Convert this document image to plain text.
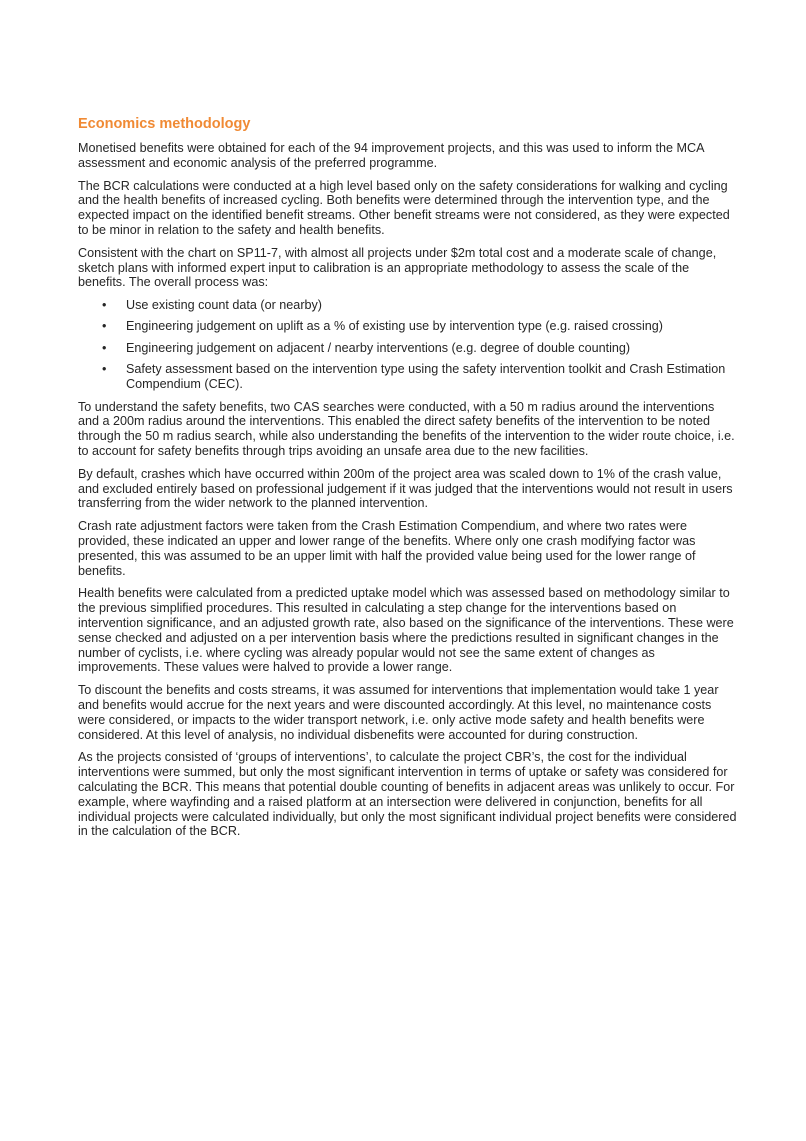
Economics methodology

Monetised benefits were obtained for each of the 94 improvement projects, and this was used to inform the MCA assessment and economic analysis of the preferred programme.

The BCR calculations were conducted at a high level based only on the safety considerations for walking and cycling and the health benefits of increased cycling. Both benefits were determined through the intervention type, and the expected impact on the identified benefit streams. Other benefit streams were not considered, as they were expected to be minor in relation to the safety and health benefits.

Consistent with the chart on SP11-7, with almost all projects under $2m total cost and a moderate scale of change, sketch plans with informed expert input to calibration is an appropriate methodology to assess the scale of the benefits. The overall process was:

• Use existing count data (or nearby)
• Engineering judgement on uplift as a % of existing use by intervention type (e.g. raised crossing)
• Engineering judgement on adjacent / nearby interventions (e.g. degree of double counting)
• Safety assessment based on the intervention type using the safety intervention toolkit and Crash Estimation Compendium (CEC).

To understand the safety benefits, two CAS searches were conducted, with a 50 m radius around the interventions and a 200m radius around the interventions. This enabled the direct safety benefits of the intervention to be noted through the 50 m radius search, while also understanding the benefits of the intervention to the wider route choice, i.e. to account for safety benefits through trips avoiding an unsafe area due to the new facilities.

By default, crashes which have occurred within 200m of the project area was scaled down to 1% of the crash value, and excluded entirely based on professional judgement if it was judged that the interventions would not result in users transferring from the wider network to the planned intervention.

Crash rate adjustment factors were taken from the Crash Estimation Compendium, and where two rates were provided, these indicated an upper and lower range of the benefits. Where only one crash modifying factor was presented, this was assumed to be an upper limit with half the provided value being used for the lower range of benefits.

Health benefits were calculated from a predicted uptake model which was assessed based on methodology similar to the previous simplified procedures. This resulted in calculating a step change for the interventions based on intervention significance, and an adjusted growth rate, also based on the significance of the interventions. These were sense checked and adjusted on a per intervention basis where the predictions resulted in significant changes in the number of cyclists, i.e. where cycling was already popular would not see the same extent of changes as improvements. These values were halved to provide a lower range.

To discount the benefits and costs streams, it was assumed for interventions that implementation would take 1 year and benefits would accrue for the next years and were discounted accordingly. At this level, no maintenance costs were considered, or impacts to the wider transport network, i.e. only active mode safety and health benefits were considered. At this level of analysis, no individual disbenefits were accounted for during construction.

As the projects consisted of ‘groups of interventions’, to calculate the project CBR’s, the cost for the individual interventions were summed, but only the most significant intervention in terms of uptake or safety was considered for calculating the BCR. This means that potential double counting of benefits in adjacent areas was unlikely to occur. For example, where wayfinding and a raised platform at an intersection were delivered in conjunction, benefits for all individual projects were calculated individually, but only the most significant individual project benefits were considered in the calculation of the BCR.
